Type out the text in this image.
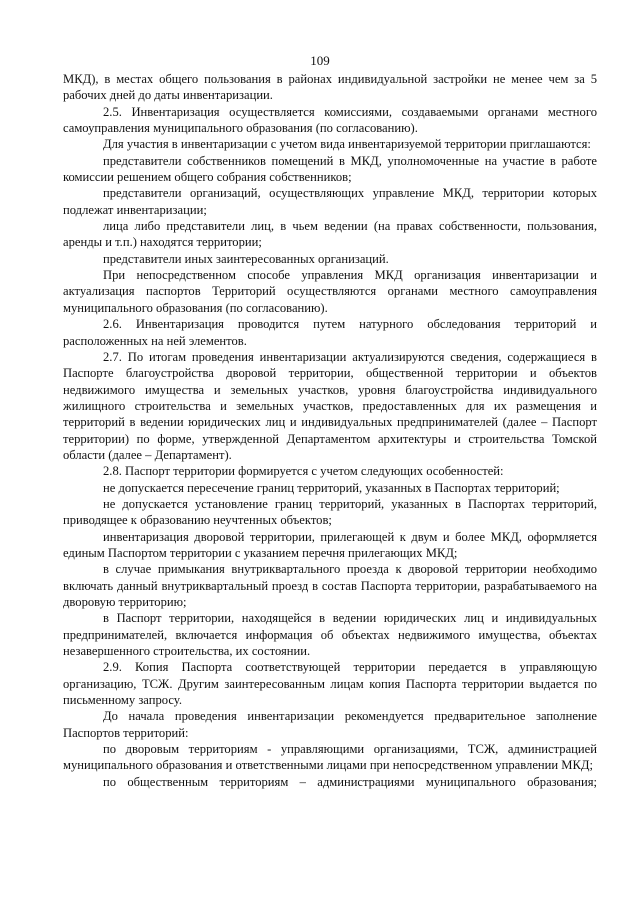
109

МКД), в местах общего пользования в районах индивидуальной застройки не менее чем за 5 рабочих дней до даты инвентаризации.

2.5. Инвентаризация осуществляется комиссиями, создаваемыми органами местного самоуправления муниципального образования (по согласованию).

Для участия в инвентаризации с учетом вида инвентаризуемой территории приглашаются:

представители собственников помещений в МКД, уполномоченные на участие в работе комиссии решением общего собрания собственников;

представители организаций, осуществляющих управление МКД, территории которых подлежат инвентаризации;

лица либо представители лиц, в чьем ведении (на правах собственности, пользования, аренды и т.п.) находятся территории;

представители иных заинтересованных организаций.

При непосредственном способе управления МКД организация инвентаризации и актуализация паспортов Территорий осуществляются органами местного самоуправления муниципального образования (по согласованию).

2.6. Инвентаризация проводится путем натурного обследования территорий и расположенных на ней элементов.

2.7. По итогам проведения инвентаризации актуализируются сведения, содержащиеся в Паспорте благоустройства дворовой территории, общественной территории и объектов недвижимого имущества и земельных участков, уровня благоустройства индивидуального жилищного строительства и земельных участков, предоставленных для их размещения и территорий в ведении юридических лиц и индивидуальных предпринимателей (далее – Паспорт территории) по форме, утвержденной Департаментом архитектуры и строительства Томской области (далее – Департамент).

2.8. Паспорт территории формируется с учетом следующих особенностей:

не допускается пересечение границ территорий, указанных в Паспортах территорий;

не допускается установление границ территорий, указанных в Паспортах территорий, приводящее к образованию неучтенных объектов;

инвентаризация дворовой территории, прилегающей к двум и более МКД, оформляется единым Паспортом территории с указанием перечня прилегающих МКД;

в случае примыкания внутриквартального проезда к дворовой территории необходимо включать данный внутриквартальный проезд в состав Паспорта территории, разрабатываемого на дворовую территорию;

в Паспорт территории, находящейся в ведении юридических лиц и индивидуальных предпринимателей, включается информация об объектах недвижимого имущества, объектах незавершенного строительства, их состоянии.

2.9. Копия Паспорта соответствующей территории передается в управляющую организацию, ТСЖ. Другим заинтересованным лицам копия Паспорта территории выдается по письменному запросу.

До начала проведения инвентаризации рекомендуется предварительное заполнение Паспортов территорий:

по дворовым территориям - управляющими организациями, ТСЖ, администрацией муниципального образования и ответственными лицами при непосредственном управлении МКД;

по общественным территориям – администрациями муниципального образования;
